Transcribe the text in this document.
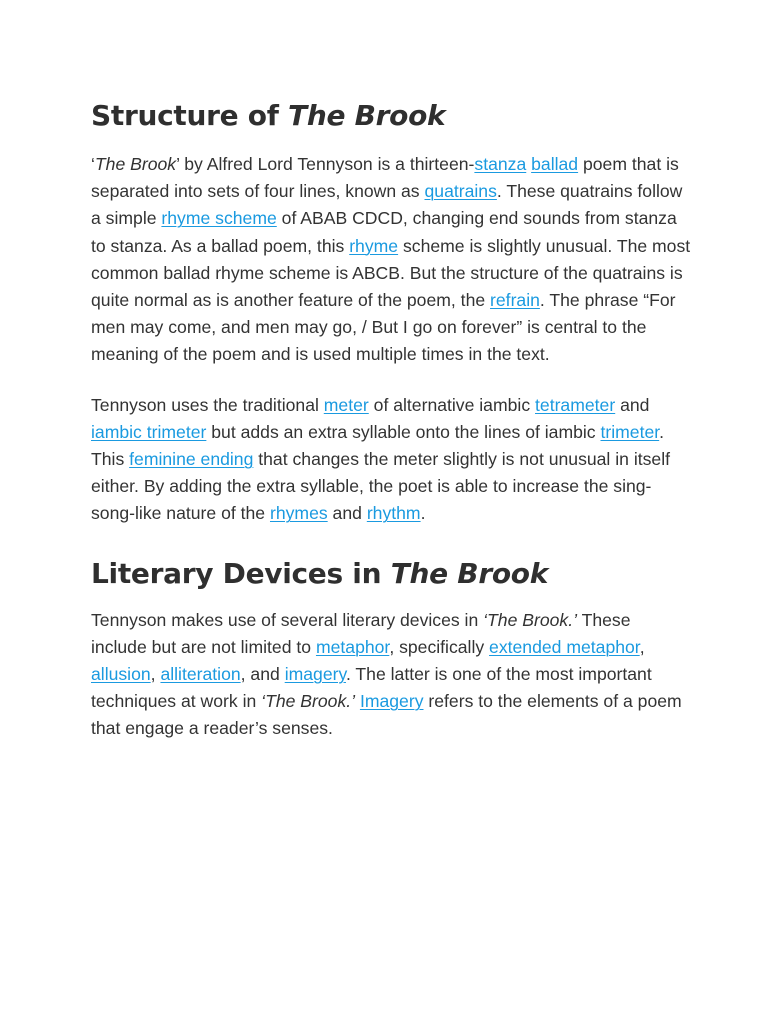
Structure of The Brook

‘The Brook’ by Alfred Lord Tennyson is a thirteen-stanza ballad poem that is separated into sets of four lines, known as quatrains. These quatrains follow a simple rhyme scheme of ABAB CDCD, changing end sounds from stanza to stanza. As a ballad poem, this rhyme scheme is slightly unusual. The most common ballad rhyme scheme is ABCB. But the structure of the quatrains is quite normal as is another feature of the poem, the refrain. The phrase “For men may come, and men may go, / But I go on forever” is central to the meaning of the poem and is used multiple times in the text.

Tennyson uses the traditional meter of alternative iambic tetrameter and iambic trimeter but adds an extra syllable onto the lines of iambic trimeter. This feminine ending that changes the meter slightly is not unusual in itself either. By adding the extra syllable, the poet is able to increase the sing-song-like nature of the rhymes and rhythm.

Literary Devices in The Brook

Tennyson makes use of several literary devices in ‘The Brook.’ These include but are not limited to metaphor, specifically extended metaphor, allusion, alliteration, and imagery. The latter is one of the most important techniques at work in ‘The Brook.’ Imagery refers to the elements of a poem that engage a reader’s senses.
